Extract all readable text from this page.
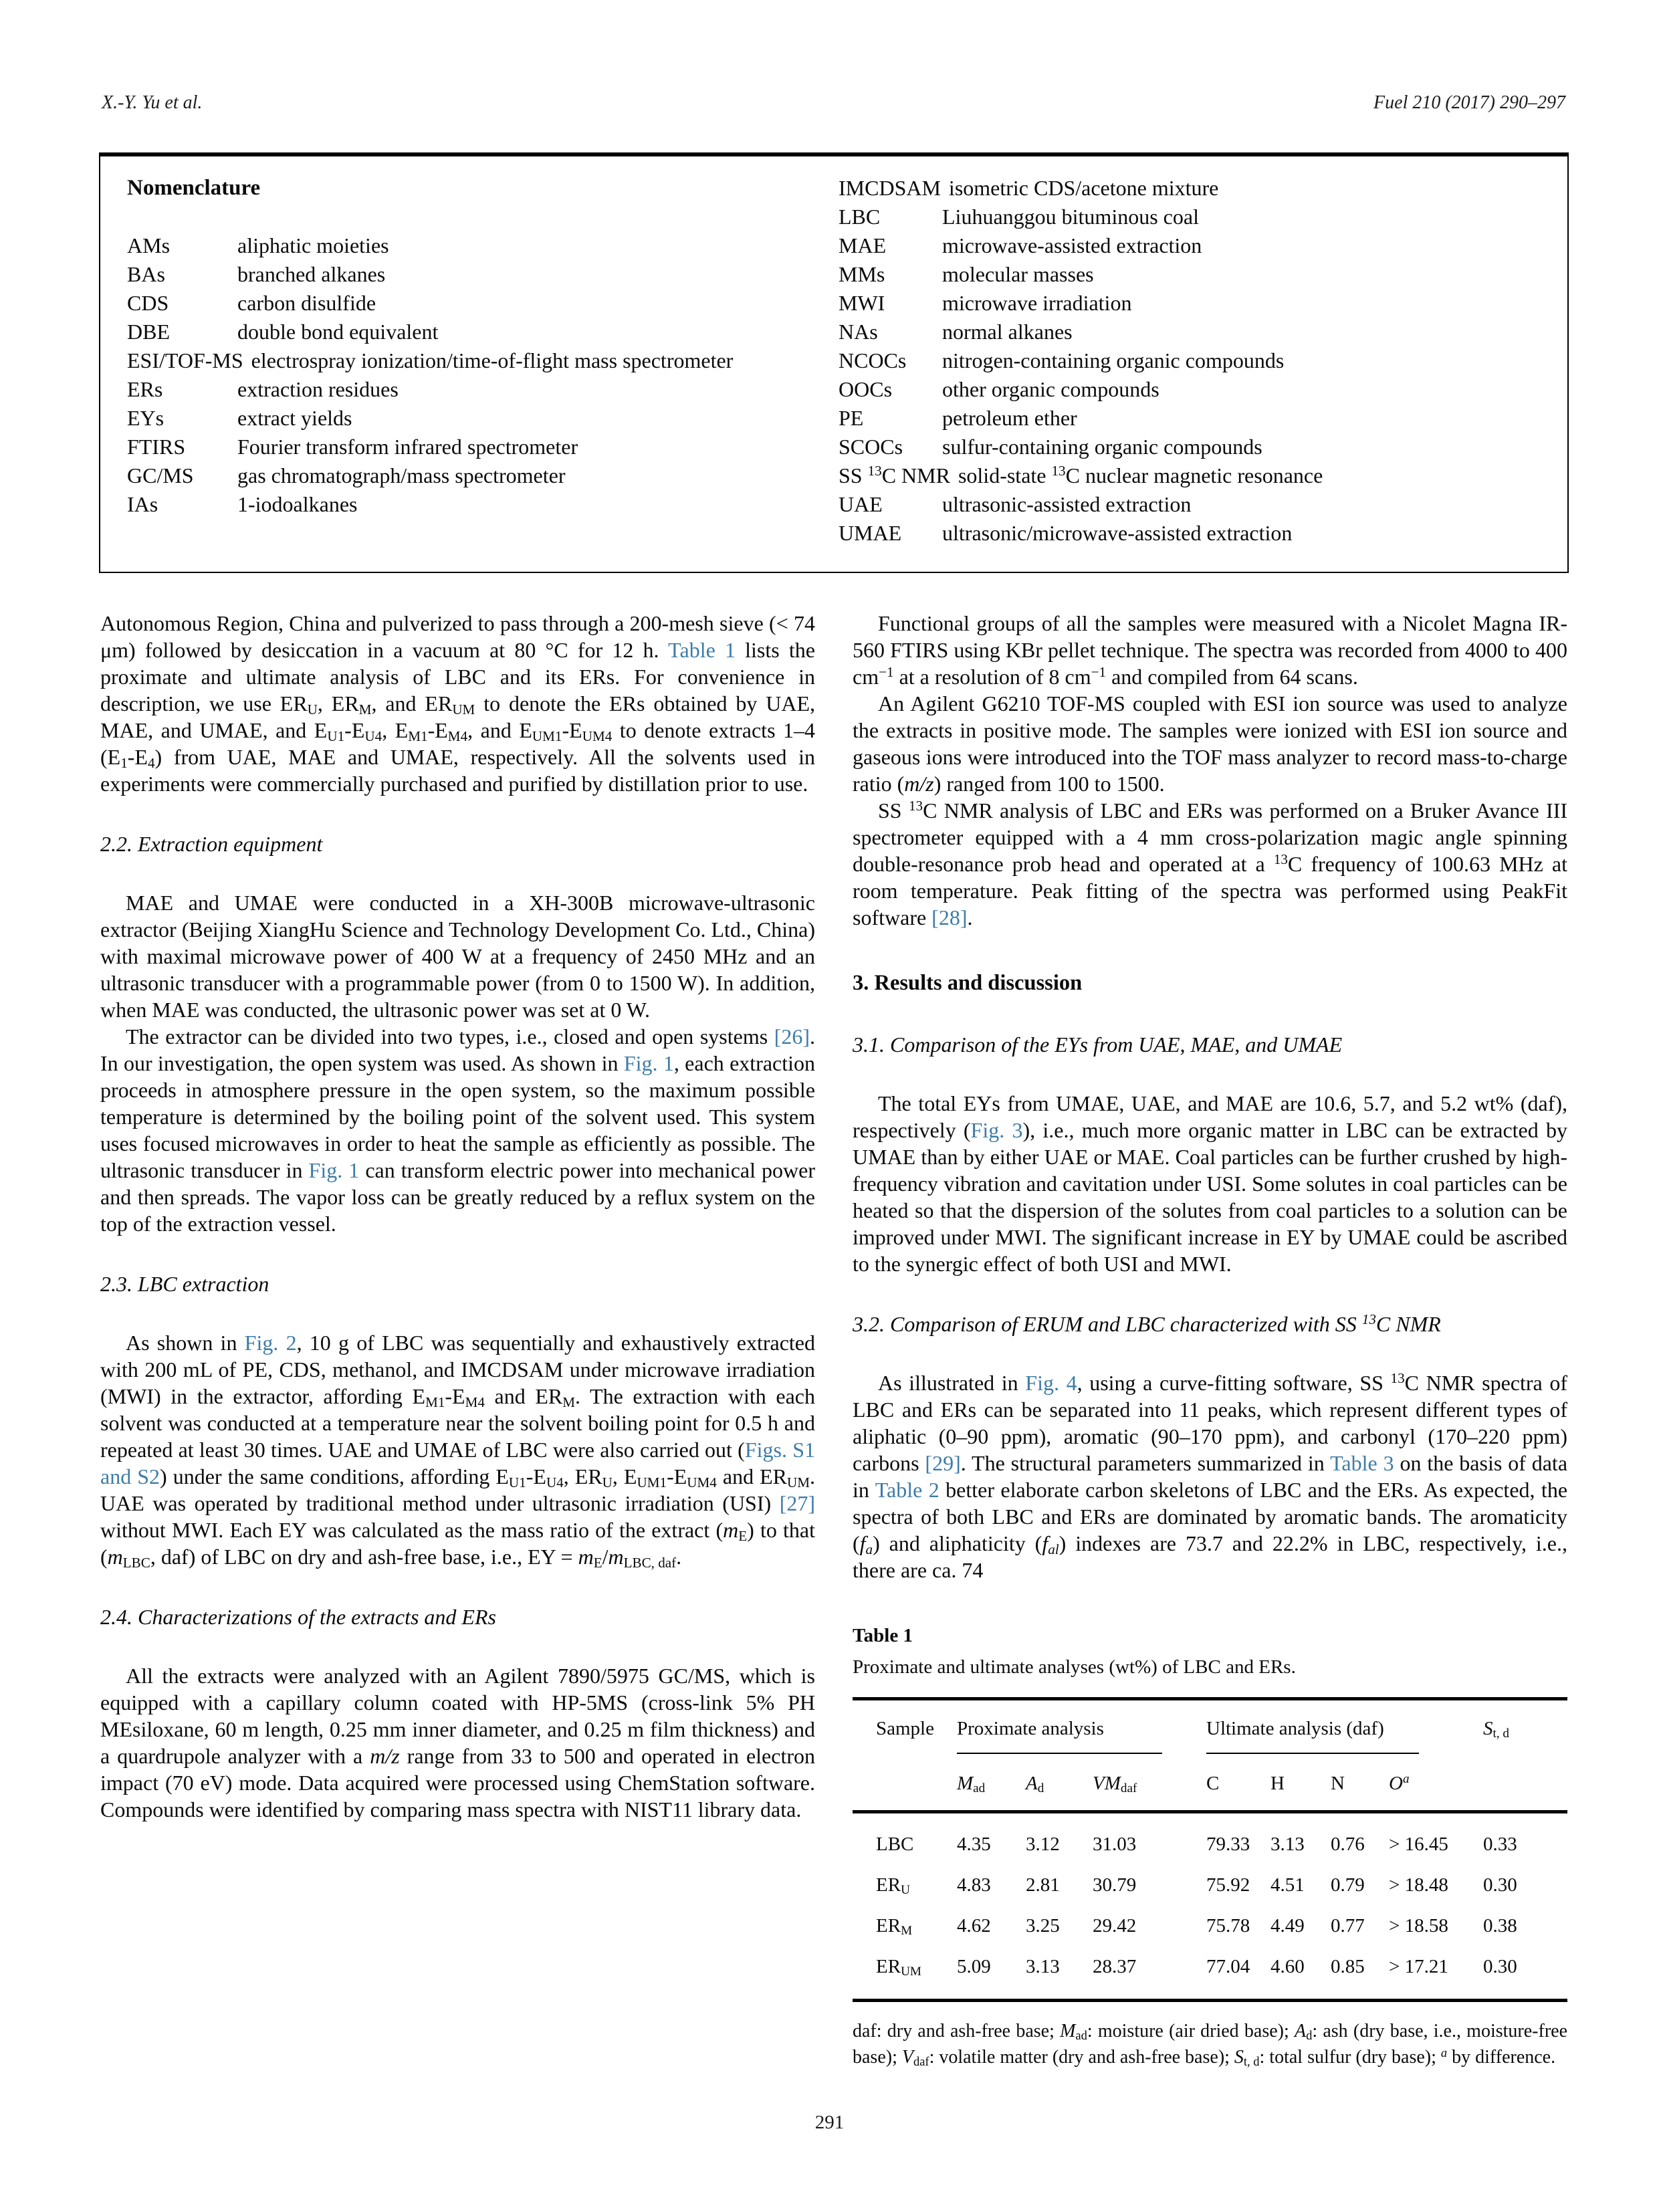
X.-Y. Yu et al.	Fuel 210 (2017) 290–297
Nomenclature
AMs	aliphatic moieties
BAs	branched alkanes
CDS	carbon disulfide
DBE	double bond equivalent
ESI/TOF-MS electrospray ionization/time-of-flight mass spectrometer
ERs	extraction residues
EYs	extract yields
FTIRS Fourier transform infrared spectrometer
GC/MS gas chromatograph/mass spectrometer
IAs	1-iodoalkanes
IMCDSAM isometric CDS/acetone mixture
LBC	Liuhuanggou bituminous coal
MAE	microwave-assisted extraction
MMs	molecular masses
MWI	microwave irradiation
NAs	normal alkanes
NCOCs nitrogen-containing organic compounds
OOCs other organic compounds
PE	petroleum ether
SCOCs sulfur-containing organic compounds
SS $^{13}$C NMR solid-state $^{13}$C nuclear magnetic resonance
UAE	ultrasonic-assisted extraction
UMAE ultrasonic/microwave-assisted extraction

Autonomous Region, China and pulverized to pass through a 200-mesh sieve (< 74 μm) followed by desiccation in a vacuum at 80 °C for 12 h. Table 1 lists the proximate and ultimate analysis of LBC and its ERs. For convenience in description, we use $ER_U$, $ER_M$, and $ER_{UM}$ to denote the ERs obtained by UAE, MAE, and UMAE, and $E_{U1}-E_{U4}$, $E_{M1}-E_{M4}$, and $E_{UM1}-E_{UM4}$ to denote extracts 1–4 $(E_1-E_4)$ from UAE, MAE and UMAE, respectively. All the solvents used in experiments were commercially purchased and purified by distillation prior to use.

2.2. Extraction equipment

MAE and UMAE were conducted in a XH-300B microwave-ultrasonic extractor (Beijing XiangHu Science and Technology Development Co. Ltd., China) with maximal microwave power of 400 W at a frequency of 2450 MHz and an ultrasonic transducer with a programmable power (from 0 to 1500 W). In addition, when MAE was conducted, the ultrasonic power was set at 0 W.

The extractor can be divided into two types, i.e., closed and open systems [26]. In our investigation, the open system was used. As shown in Fig. 1, each extraction proceeds in atmosphere pressure in the open system, so the maximum possible temperature is determined by the boiling point of the solvent used. This system uses focused microwaves in order to heat the sample as efficiently as possible. The ultrasonic transducer in Fig. 1 can transform electric power into mechanical power and then spreads. The vapor loss can be greatly reduced by a reflux system on the top of the extraction vessel.

2.3. LBC extraction

As shown in Fig. 2, 10 g of LBC was sequentially and exhaustively extracted with 200 mL of PE, CDS, methanol, and IMCDSAM under microwave irradiation (MWI) in the extractor, affording $E_{M1}-E_{M4}$ and $ER_M$. The extraction with each solvent was conducted at a temperature near the solvent boiling point for 0.5 h and repeated at least 30 times. UAE and UMAE of LBC were also carried out (Figs. S1 and S2) under the same conditions, affording $E_{U1}-E_{U4}$, $ER_U$, $E_{UM1}-E_{UM4}$ and $ER_{UM}$. UAE was operated by traditional method under ultrasonic irradiation (USI) [27] without MWI. Each EY was calculated as the mass ratio of the extract $(m_E)$ to that ($m_{LBC}$, daf) of LBC on dry and ash-free base, i.e., EY = $m_E/m_{LBC, daf}$.

2.4. Characterizations of the extracts and ERs

All the extracts were analyzed with an Agilent 7890/5975 GC/MS, which is equipped with a capillary column coated with HP-5MS (cross-link 5% PH MEsiloxane, 60 m length, 0.25 mm inner diameter, and 0.25 m film thickness) and a quardrupole analyzer with a m/z range from 33 to 500 and operated in electron impact (70 eV) mode. Data acquired were processed using ChemStation software. Compounds were identified by comparing mass spectra with NIST11 library data.

Functional groups of all the samples were measured with a Nicolet Magna IR-560 FTIRS using KBr pellet technique. The spectra was recorded from 4000 to 400 $cm^{-1}$ at a resolution of 8 $cm^{-1}$ and compiled from 64 scans.

An Agilent G6210 TOF-MS coupled with ESI ion source was used to analyze the extracts in positive mode. The samples were ionized with ESI ion source and gaseous ions were introduced into the TOF mass analyzer to record mass-to-charge ratio (m/z) ranged from 100 to 1500.

SS $^{13}$C NMR analysis of LBC and ERs was performed on a Bruker Avance III spectrometer equipped with a 4 mm cross-polarization magic angle spinning double-resonance prob head and operated at a $^{13}$C frequency of 100.63 MHz at room temperature. Peak fitting of the spectra was performed using PeakFit software [28].

3. Results and discussion
3.1. Comparison of the EYs from UAE, MAE, and UMAE

The total EYs from UMAE, UAE, and MAE are 10.6, 5.7, and 5.2 wt% (daf), respectively (Fig. 3), i.e., much more organic matter in LBC can be extracted by UMAE than by either UAE or MAE. Coal particles can be further crushed by high-frequency vibration and cavitation under USI. Some solutes in coal particles can be heated so that the dispersion of the solutes from coal particles to a solution can be improved under MWI. The significant increase in EY by UMAE could be ascribed to the synergic effect of both USI and MWI.

3.2. Comparison of ERUM and LBC characterized with SS $^{13}$C NMR

As illustrated in Fig. 4, using a curve-fitting software, SS $^{13}$C NMR spectra of LBC and ERs can be separated into 11 peaks, which represent different types of aliphatic (0–90 ppm), aromatic (90–170 ppm), and carbonyl (170–220 ppm) carbons [29]. The structural parameters summarized in Table 3 on the basis of data in Table 2 better elaborate carbon skeletons of LBC and the ERs. As expected, the spectra of both LBC and ERs are dominated by aromatic bands. The aromaticity $(f_a)$ and aliphaticity $(f_{al})$ indexes are 73.7 and 22.2% in LBC, respectively, i.e., there are ca. 74

Table 1
Proximate and ultimate analyses (wt%) of LBC and ERs.
Sample	Proximate analysis			Ultimate analysis (daf)				$S_{t, d}$
	$M_{ad}$	$A_d$	$VM_{daf}$	C	H	N	$O^a$
LBC	4.35	3.12	31.03	79.33	3.13	0.76	> 16.45	0.33
$ER_U$	4.83	2.81	30.79	75.92	4.51	0.79	> 18.48	0.30
$ER_M$	4.62	3.25	29.42	75.78	4.49	0.77	> 18.58	0.38
$ER_{UM}$	5.09	3.13	28.37	77.04	4.60	0.85	> 17.21	0.30
daf: dry and ash-free base; $M_{ad}$: moisture (air dried base); $A_d$: ash (dry base, i.e., moisture-free base); $V_{daf}$: volatile matter (dry and ash-free base); $S_{t, d}$: total sulfur (dry base); $^a$ by difference.
291
